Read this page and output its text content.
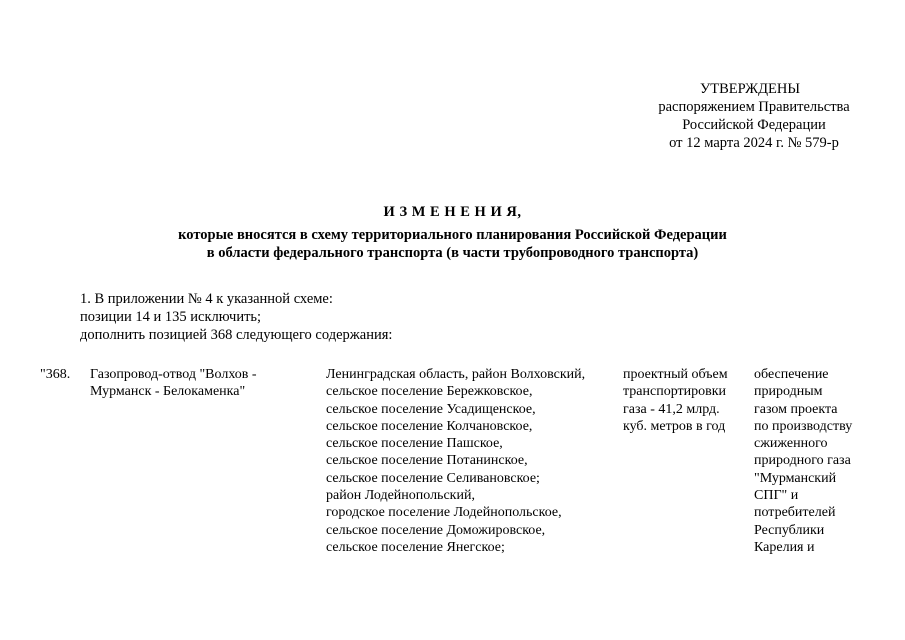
УТВЕРЖДЕНЫ
распоряжением Правительства
Российской Федерации
от 12 марта 2024 г. № 579-р
И З М Е Н Е Н И Я,
которые вносятся в схему территориального планирования Российской Федерации
в области федерального транспорта (в части трубопроводного транспорта)
1. В приложении № 4 к указанной схеме:
позиции 14 и 135 исключить;
дополнить позицией 368 следующего содержания:
"368. Газопровод-отвод "Волхов -
Мурманск - Белокаменка"
Ленинградская область, район Волховский,
сельское поселение Бережковское,
сельское поселение Усадищенское,
сельское поселение Колчановское,
сельское поселение Пашское,
сельское поселение Потанинское,
сельское поселение Селивановское;
район Лодейнопольский,
городское поселение Лодейнопольское,
сельское поселение Доможировское,
сельское поселение Янегское;
проектный объем
транспортировки
газа - 41,2 млрд.
куб. метров в год
обеспечение
природным
газом проекта
по производству
сжиженного
природного газа
"Мурманский
СПГ" и
потребителей
Республики
Карелия и
